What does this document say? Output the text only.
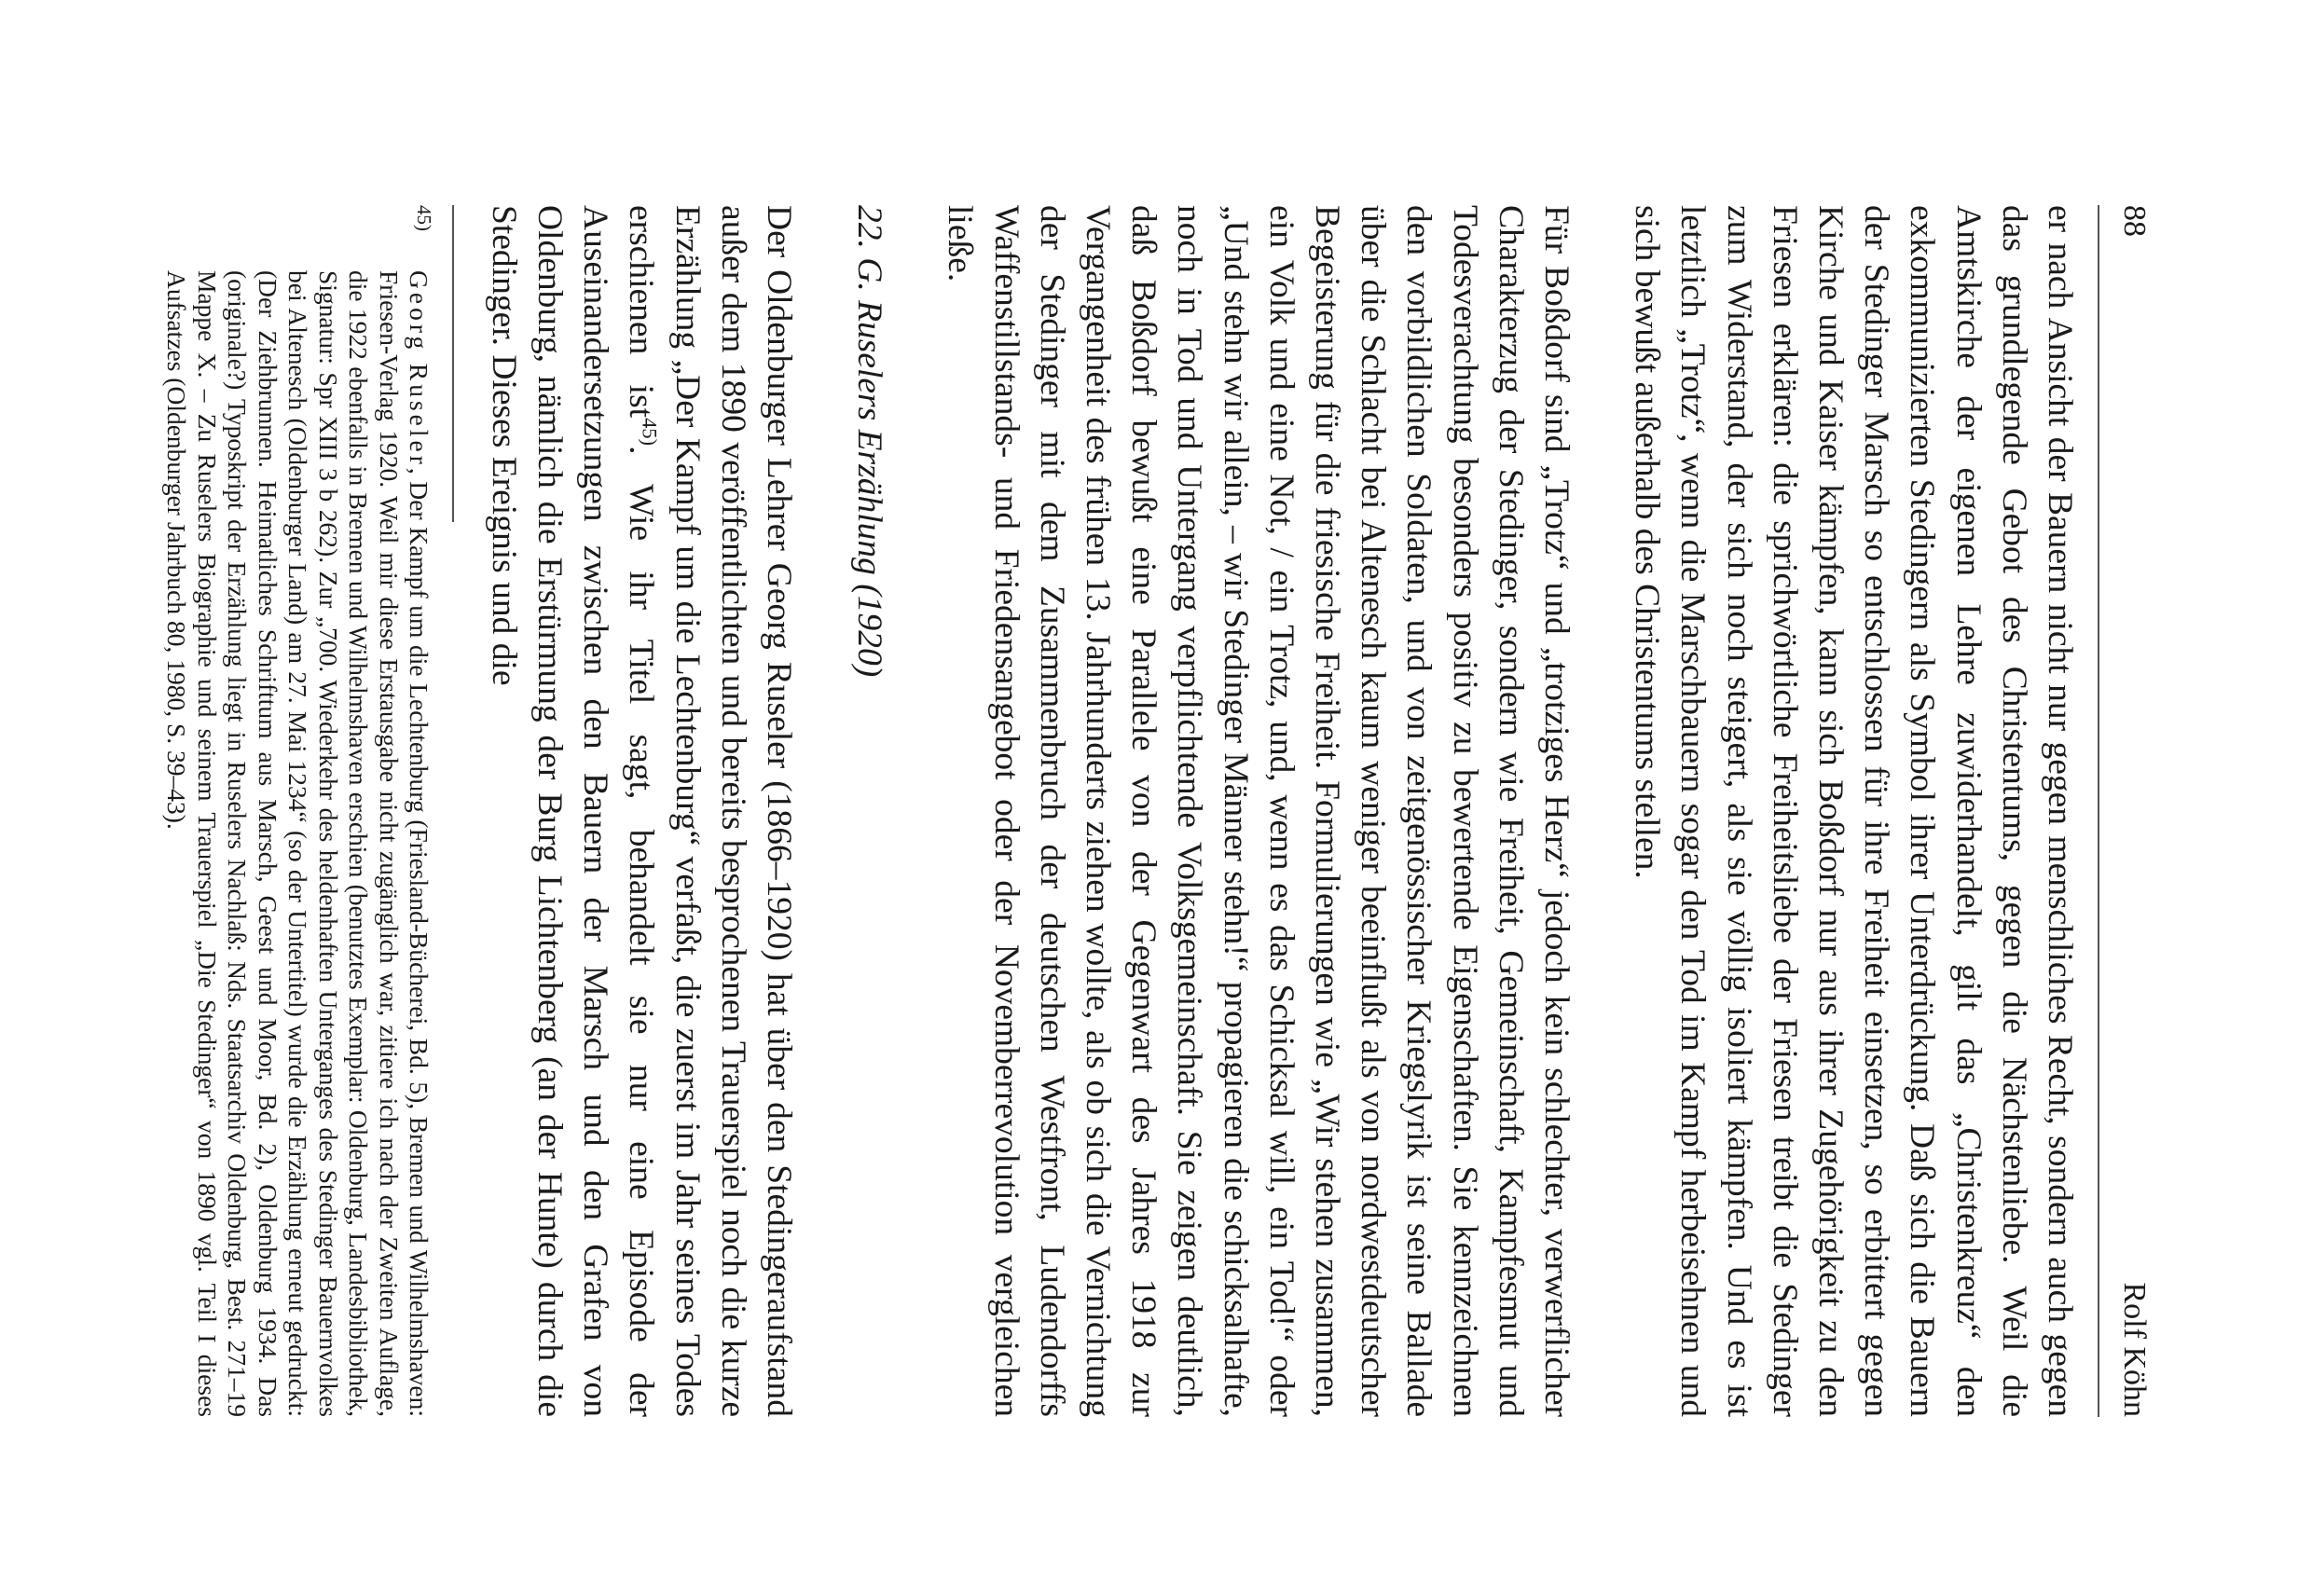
88
Rolf Köhn

er nach Ansicht der Bauern nicht nur gegen menschliches Recht, sondern auch gegen das grundlegende Gebot des Christentums, gegen die Nächstenliebe. Weil die Amtskirche der eigenen Lehre zuwiderhandelt, gilt das „Christenkreuz“ den exkommunizierten Stedingern als Symbol ihrer Unterdrückung. Daß sich die Bauern der Stedinger Marsch so entschlossen für ihre Freiheit einsetzen, so erbittert gegen Kirche und Kaiser kämpfen, kann sich Boßdorf nur aus ihrer Zugehörigkeit zu den Friesen erklären: die sprichwörtliche Freiheitsliebe der Friesen treibt die Stedinger zum Widerstand, der sich noch steigert, als sie völlig isoliert kämpfen. Und es ist letztlich „Trotz“, wenn die Marschbauern sogar den Tod im Kampf herbeisehnen und sich bewußt außerhalb des Christentums stellen.

Für Boßdorf sind „Trotz“ und „trotziges Herz“ jedoch kein schlechter, verwerflicher Charakterzug der Stedinger, sondern wie Freiheit, Gemeinschaft, Kampfesmut und Todesverachtung besonders positiv zu bewertende Eigenschaften. Sie kennzeichnen den vorbildlichen Soldaten, und von zeitgenössischer Kriegslyrik ist seine Ballade über die Schlacht bei Altenesch kaum weniger beeinflußt als von nordwestdeutscher Begeisterung für die friesische Freiheit. Formulierungen wie „Wir stehen zusammen, ein Volk und eine Not, / ein Trotz, und, wenn es das Schicksal will, ein Tod!“ oder „Und stehn wir allein, – wir Stedinger Männer stehn!“ propagieren die schicksalhafte, noch in Tod und Untergang verpflichtende Volksgemeinschaft. Sie zeigen deutlich, daß Boßdorf bewußt eine Parallele von der Gegenwart des Jahres 1918 zur Vergangenheit des frühen 13. Jahrhunderts ziehen wollte, als ob sich die Vernichtung der Stedinger mit dem Zusammenbruch der deutschen Westfront, Ludendorffs Waffenstillstands- und Friedensangebot oder der Novemberrevolution vergleichen ließe.

22. G. Ruselers Erzählung (1920)

Der Oldenburger Lehrer Georg Ruseler (1866–1920) hat über den Stedingeraufstand außer dem 1890 veröffentlichten und bereits besprochenen Trauerspiel noch die kurze Erzählung „Der Kampf um die Lechtenburg“ verfaßt, die zuerst im Jahr seines Todes erschienen ist$^{45)}$. Wie ihr Titel sagt, behandelt sie nur eine Episode der Auseinandersetzungen zwischen den Bauern der Marsch und den Grafen von Oldenburg, nämlich die Erstürmung der Burg Lichtenberg (an der Hunte) durch die Stedinger. Dieses Ereignis und die

45)
Georg Ruseler, Der Kampf um die Lechtenburg (Friesland-Bücherei, Bd. 5), Bremen und Wilhelmshaven: Friesen-Verlag 1920. Weil mir diese Erstausgabe nicht zugänglich war, zitiere ich nach der Zweiten Auflage, die 1922 ebenfalls in Bremen und Wilhelmshaven erschien (benutztes Exemplar: Oldenburg, Landesbibliothek, Signatur: Spr XIII 3 b 262). Zur „700. Wiederkehr des heldenhaften Unterganges des Stedinger Bauernvolkes bei Altenesch (Oldenburger Land) am 27. Mai 1234“ (so der Untertitel) wurde die Erzählung erneut gedruckt: (Der Ziehbrunnen. Heimatliches Schrifttum aus Marsch, Geest und Moor, Bd. 2), Oldenburg 1934. Das (originale?) Typoskript der Erzählung liegt in Ruselers Nachlaß: Nds. Staatsarchiv Oldenburg, Best. 271–19 Mappe X. – Zu Ruselers Biographie und seinem Trauerspiel „Die Stedinger“ von 1890 vgl. Teil I dieses Aufsatzes (Oldenburger Jahrbuch 80, 1980, S. 39–43).
